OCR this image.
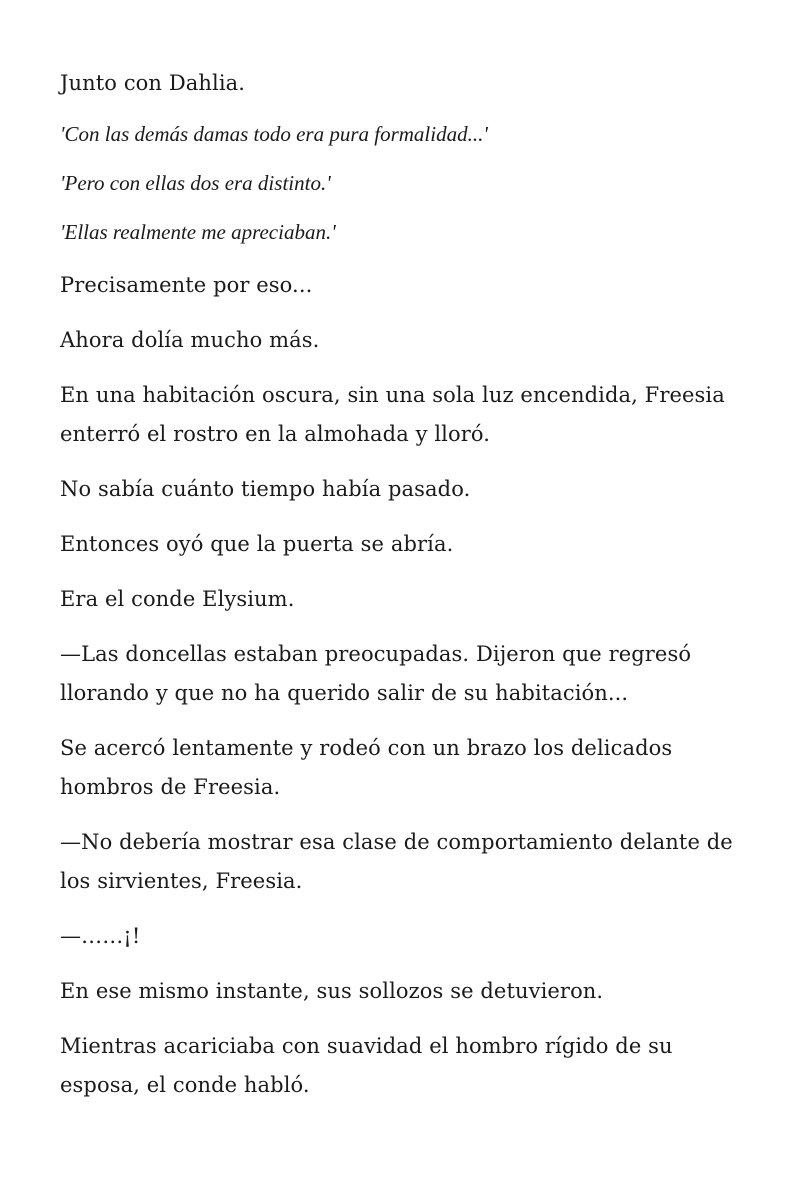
Junto con Dahlia.

'Con las demás damas todo era pura formalidad...'

'Pero con ellas dos era distinto.'

'Ellas realmente me apreciaban.'

Precisamente por eso...

Ahora dolía mucho más.

En una habitación oscura, sin una sola luz encendida, Freesia enterró el rostro en la almohada y lloró.

No sabía cuánto tiempo había pasado.

Entonces oyó que la puerta se abría.

Era el conde Elysium.

—Las doncellas estaban preocupadas. Dijeron que regresó llorando y que no ha querido salir de su habitación...

Se acercó lentamente y rodeó con un brazo los delicados hombros de Freesia.

—No debería mostrar esa clase de comportamiento delante de los sirvientes, Freesia.

—……¡!

En ese mismo instante, sus sollozos se detuvieron.

Mientras acariciaba con suavidad el hombro rígido de su esposa, el conde habló.
